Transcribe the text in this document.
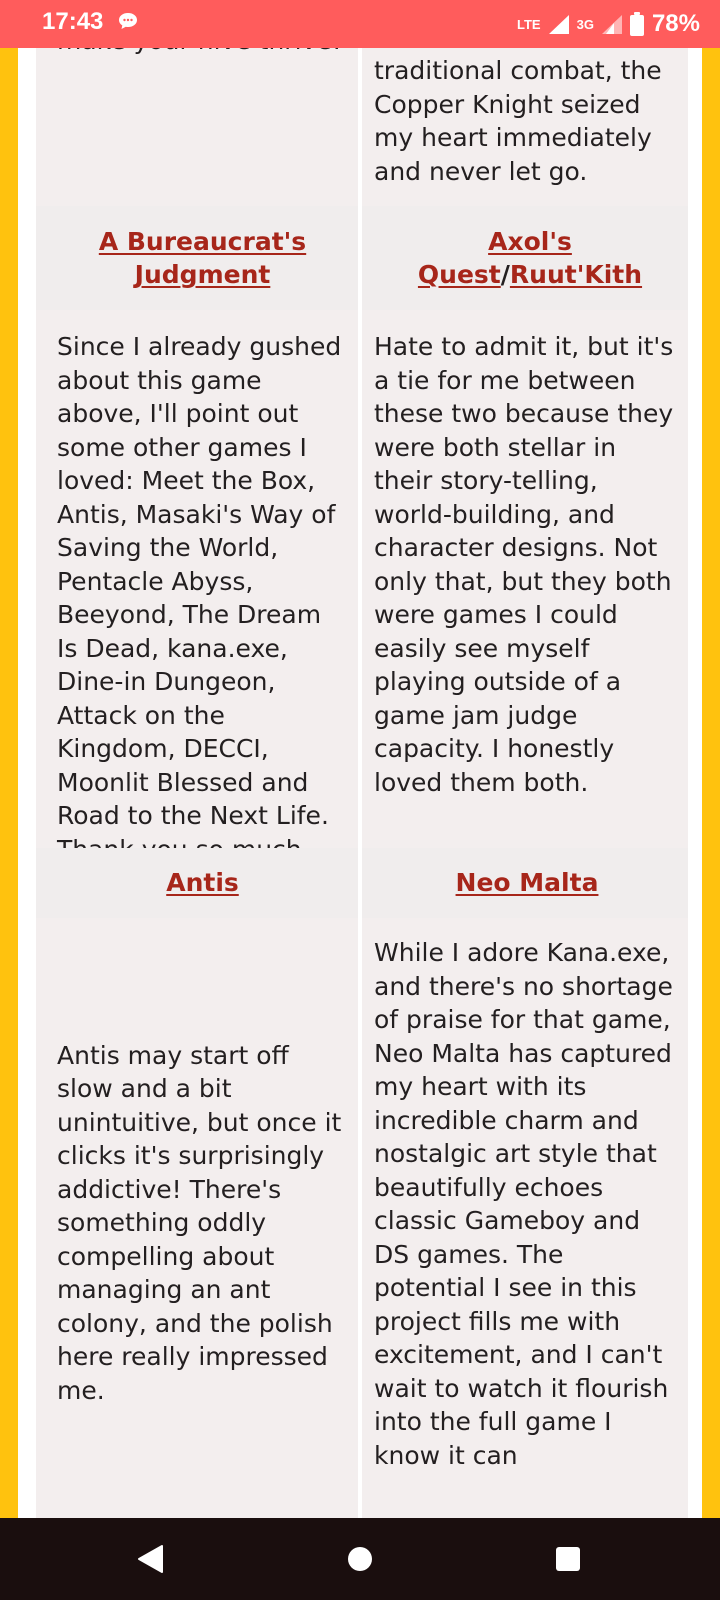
17:43	LTE	3G 78%
traditional combat, the Copper Knight seized my heart immediately and never let go.
A Bureaucrat's Judgment
Axol's Quest/Ruut'Kith
Since I already gushed about this game above, I'll point out some other games I loved: Meet the Box, Antis, Masaki's Way of Saving the World, Pentacle Abyss, Beeyond, The Dream Is Dead, kana.exe, Dine-in Dungeon, Attack on the Kingdom, DECCI, Moonlit Blessed and Road to the Next Life.
Hate to admit it, but it's a tie for me between these two because they were both stellar in their story-telling, world-building, and character designs. Not only that, but they both were games I could easily see myself playing outside of a game jam judge capacity. I honestly loved them both.
Antis	Neo Malta
Antis may start off slow and a bit unintuitive, but once it clicks it's surprisingly addictive! There's something oddly compelling about managing an ant colony, and the polish here really impressed me.
While I adore Kana.exe, and there's no shortage of praise for that game, Neo Malta has captured my heart with its incredible charm and nostalgic art style that beautifully echoes classic Gameboy and DS games. The potential I see in this project fills me with excitement, and I can't wait to watch it flourish into the full game I know it can
